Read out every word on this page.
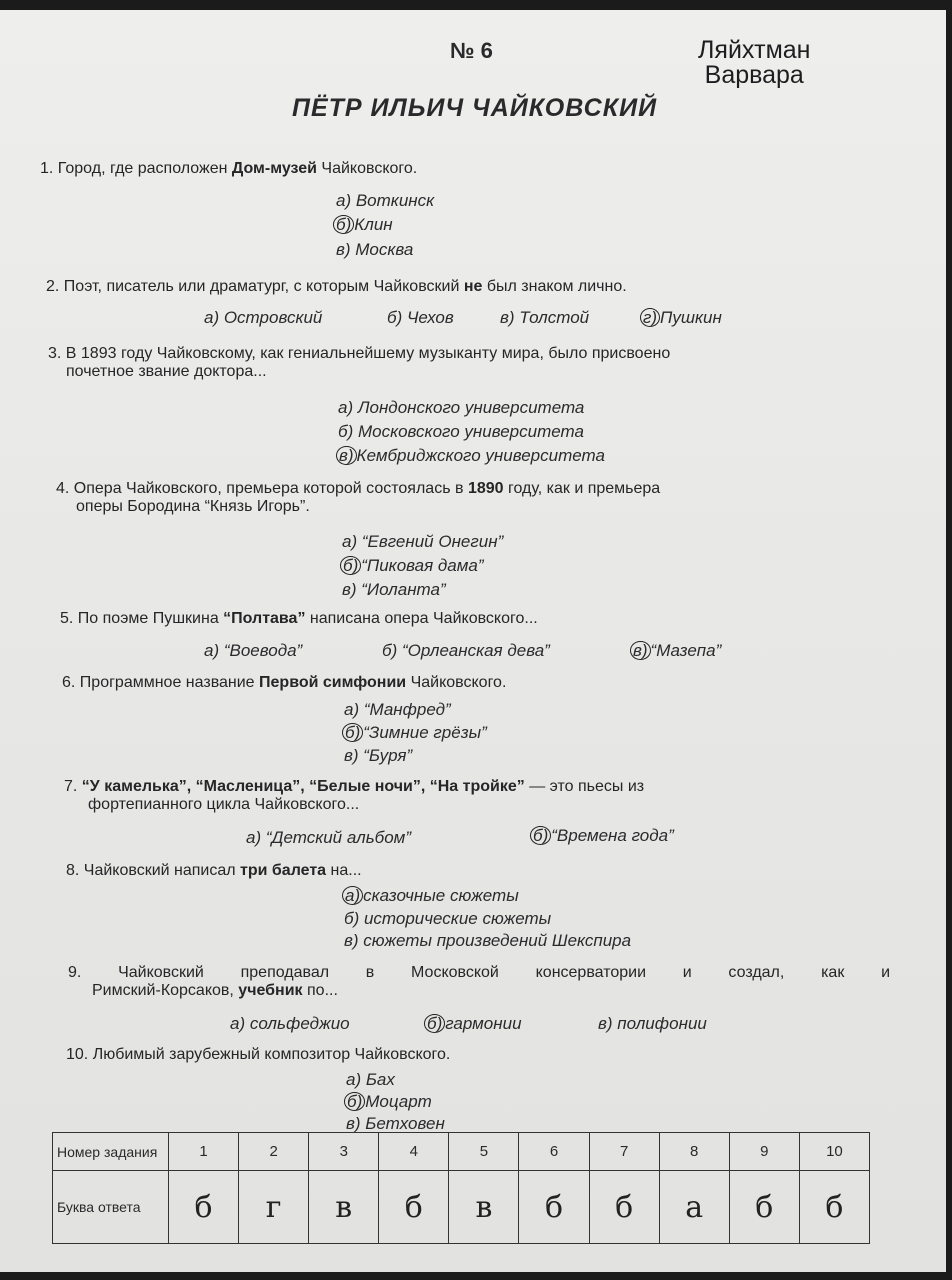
№ 6	Ляйхтман
Варвара
ПЁТР ИЛЬИЧ ЧАЙКОВСКИЙ
1. Город, где расположен Дом-музей Чайковского.
а) Воткинск
б) Клин
в) Москва
2. Поэт, писатель или драматург, с которым Чайковский не был знаком лично.
а) Островский	б) Чехов	в) Толстой	г) Пушкин
3. В 1893 году Чайковскому, как гениальнейшему музыканту мира, было присвоено
почетное звание доктора...
а) Лондонского университета
б) Московского университета
в) Кембриджского университета
4. Опера Чайковского, премьера которой состоялась в 1890 году, как и премьера
оперы Бородина “Князь Игорь”.
а) “Евгений Онегин”
б) “Пиковая дама”
в) “Иоланта”
5. По поэме Пушкина “Полтава” написана опера Чайковского...
а) “Воевода”	б) “Орлеанская дева”	в) “Мазепа”
6. Программное название Первой симфонии Чайковского.
а) “Манфред”
б) “Зимние грёзы”
в) “Буря”
7. “У камелька”, “Масленица”, “Белые ночи”, “На тройке” — это пьесы из
фортепианного цикла Чайковского...
а) “Детский альбом”	б) “Времена года”
8. Чайковский написал три балета на...
а) сказочные сюжеты
б) исторические сюжеты
в) сюжеты произведений Шекспира
9. Чайковский преподавал в Московской консерватории и создал, как и
Римский-Корсаков, учебник по...
а) сольфеджио	б) гармонии	в) полифонии
10. Любимый зарубежный композитор Чайковского.
а) Бах
б) Моцарт
в) Бетховен
Номер задания	1	2	3	4	5	6	7	8	9	10
Буква ответа	б	г	в	б	в	б	б	а	б	б
